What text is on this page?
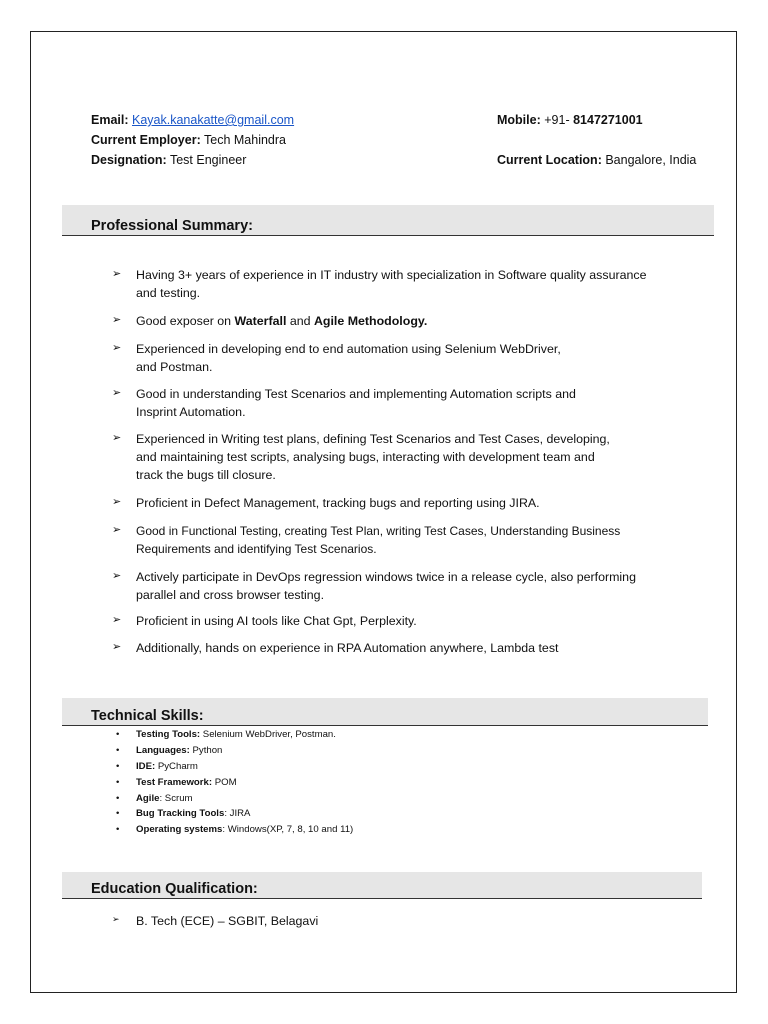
Email: Kayak.kanakatte@gmail.com	Mobile: +91- 8147271001
Current Employer: Tech Mahindra
Designation: Test Engineer	Current Location: Bangalore, India
Professional Summary:
➢ Having 3+ years of experience in IT industry with specialization in Software quality assurance
and testing.
➢ Good exposer on Waterfall and Agile Methodology.
➢ Experienced in developing end to end automation using Selenium WebDriver,
and Postman.
➢ Good in understanding Test Scenarios and implementing Automation scripts and
Insprint Automation.
➢ Experienced in Writing test plans, defining Test Scenarios and Test Cases, developing,
and maintaining test scripts, analysing bugs, interacting with development team and
track the bugs till closure.
➢ Proficient in Defect Management, tracking bugs and reporting using JIRA.
➢ Good in Functional Testing, creating Test Plan, writing Test Cases, Understanding Business
Requirements and identifying Test Scenarios.
➢ Actively participate in DevOps regression windows twice in a release cycle, also performing
parallel and cross browser testing.
➢ Proficient in using AI tools like Chat Gpt, Perplexity.
➢ Additionally, hands on experience in RPA Automation anywhere, Lambda test
Technical Skills:
• Testing Tools: Selenium WebDriver, Postman.
• Languages: Python
• IDE: PyCharm
• Test Framework: POM
• Agile: Scrum
• Bug Tracking Tools: JIRA
• Operating systems: Windows(XP, 7, 8, 10 and 11)
Education Qualification:
➢ B. Tech (ECE) – SGBIT, Belagavi
